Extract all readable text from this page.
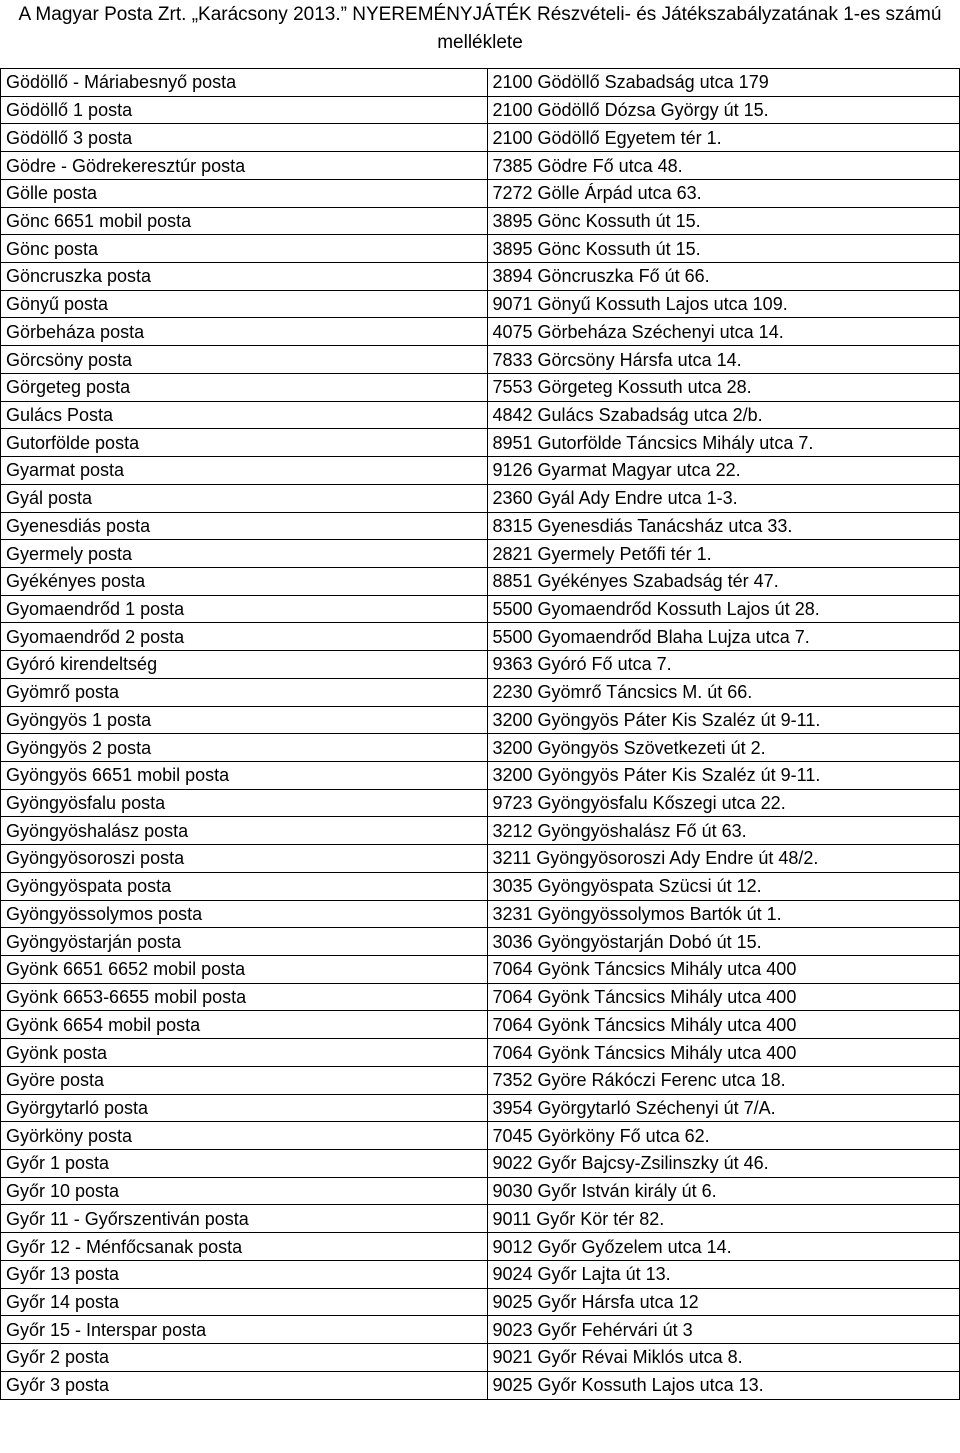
A Magyar Posta Zrt. „Karácsony 2013.” NYEREMÉNYJÁTÉK Részvételi- és Játékszabályzatának 1-es számú melléklete
Gödöllő - Máriabesnyő posta	2100 Gödöllő Szabadság utca 179
Gödöllő 1 posta	2100 Gödöllő Dózsa György út 15.
Gödöllő 3 posta	2100 Gödöllő Egyetem tér 1.
Gödre - Gödrekeresztúr posta	7385 Gödre Fő utca 48.
Gölle posta	7272 Gölle Árpád utca 63.
Gönc 6651 mobil posta	3895 Gönc Kossuth út 15.
Gönc posta	3895 Gönc Kossuth út 15.
Göncruszka posta	3894 Göncruszka Fő út 66.
Gönyű posta	9071 Gönyű Kossuth Lajos utca 109.
Görbeháza posta	4075 Görbeháza Széchenyi utca 14.
Görcsöny posta	7833 Görcsöny Hársfa utca 14.
Görgeteg posta	7553 Görgeteg Kossuth utca 28.
Gulács Posta	4842 Gulács Szabadság utca 2/b.
Gutorfölde posta	8951 Gutorfölde Táncsics Mihály utca 7.
Gyarmat posta	9126 Gyarmat Magyar utca 22.
Gyál posta	2360 Gyál Ady Endre utca 1-3.
Gyenesdiás posta	8315 Gyenesdiás Tanácsház utca 33.
Gyermely posta	2821 Gyermely Petőfi tér 1.
Gyékényes posta	8851 Gyékényes Szabadság tér 47.
Gyomaendrőd 1 posta	5500 Gyomaendrőd Kossuth Lajos út 28.
Gyomaendrőd 2 posta	5500 Gyomaendrőd Blaha Lujza utca 7.
Gyóró kirendeltség	9363 Gyóró Fő utca 7.
Gyömrő posta	2230 Gyömrő Táncsics M. út 66.
Gyöngyös 1 posta	3200 Gyöngyös Páter Kis Szaléz út 9-11.
Gyöngyös 2 posta	3200 Gyöngyös Szövetkezeti út 2.
Gyöngyös 6651 mobil posta	3200 Gyöngyös Páter Kis Szaléz út 9-11.
Gyöngyösfalu posta	9723 Gyöngyösfalu Kőszegi utca 22.
Gyöngyöshalász posta	3212 Gyöngyöshalász Fő út 63.
Gyöngyösoroszi posta	3211 Gyöngyösoroszi Ady Endre út 48/2.
Gyöngyöspata posta	3035 Gyöngyöspata Szücsi út 12.
Gyöngyössolymos posta	3231 Gyöngyössolymos Bartók út 1.
Gyöngyöstarján posta	3036 Gyöngyöstarján Dobó út 15.
Gyönk 6651 6652 mobil posta	7064 Gyönk Táncsics Mihály utca 400
Gyönk 6653-6655 mobil posta	7064 Gyönk Táncsics Mihály utca 400
Gyönk 6654 mobil posta	7064 Gyönk Táncsics Mihály utca 400
Gyönk posta	7064 Gyönk Táncsics Mihály utca 400
Györe posta	7352 Györe Rákóczi Ferenc utca 18.
Györgytarló posta	3954 Györgytarló Széchenyi út 7/A.
Györköny posta	7045 Györköny Fő utca 62.
Győr 1 posta	9022 Győr Bajcsy-Zsilinszky út 46.
Győr 10 posta	9030 Győr István király út 6.
Győr 11 - Győrszentiván posta	9011 Győr Kör tér 82.
Győr 12 - Ménfőcsanak posta	9012 Győr Győzelem utca 14.
Győr 13 posta	9024 Győr Lajta út 13.
Győr 14 posta	9025 Győr Hársfa utca 12
Győr 15 - Interspar posta	9023 Győr Fehérvári út 3
Győr 2 posta	9021 Győr Révai Miklós utca 8.
Győr 3 posta	9025 Győr Kossuth Lajos utca 13.
